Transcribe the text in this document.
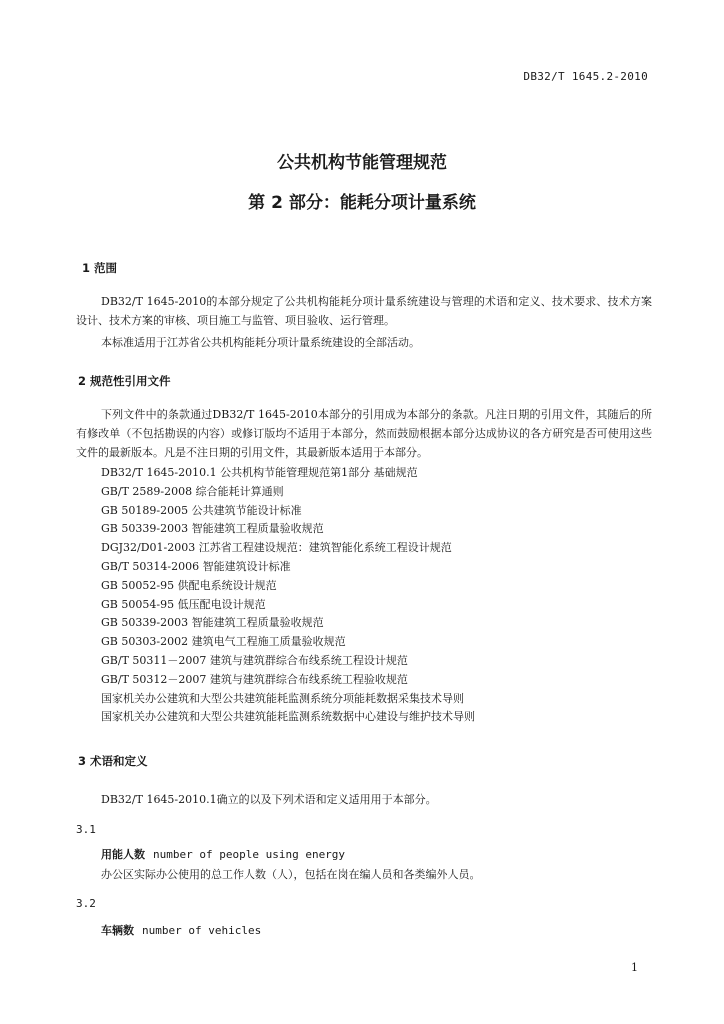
DB32/T 1645.2-2010
公共机构节能管理规范
第 2 部分：能耗分项计量系统
1 范围
DB32/T 1645-2010的本部分规定了公共机构能耗分项计量系统建设与管理的术语和定义、技术要求、技术方案设计、技术方案的审核、项目施工与监管、项目验收、运行管理。
本标准适用于江苏省公共机构能耗分项计量系统建设的全部活动。
2 规范性引用文件
下列文件中的条款通过DB32/T 1645-2010本部分的引用成为本部分的条款。凡注日期的引用文件，其随后的所有修改单（不包括勘误的内容）或修订版均不适用于本部分，然而鼓励根据本部分达成协议的各方研究是否可使用这些文件的最新版本。凡是不注日期的引用文件，其最新版本适用于本部分。
DB32/T 1645-2010.1 公共机构节能管理规范第1部分 基础规范
GB/T 2589-2008 综合能耗计算通则
GB 50189-2005 公共建筑节能设计标准
GB 50339-2003 智能建筑工程质量验收规范
DGJ32/D01-2003 江苏省工程建设规范：建筑智能化系统工程设计规范
GB/T 50314-2006 智能建筑设计标准
GB 50052-95 供配电系统设计规范
GB 50054-95 低压配电设计规范
GB 50339-2003 智能建筑工程质量验收规范
GB 50303-2002 建筑电气工程施工质量验收规范
GB/T 50311－2007 建筑与建筑群综合布线系统工程设计规范
GB/T 50312－2007 建筑与建筑群综合布线系统工程验收规范
国家机关办公建筑和大型公共建筑能耗监测系统分项能耗数据采集技术导则
国家机关办公建筑和大型公共建筑能耗监测系统数据中心建设与维护技术导则
3 术语和定义
DB32/T 1645-2010.1确立的以及下列术语和定义适用用于本部分。
3.1
用能人数 number of people using energy
办公区实际办公使用的总工作人数（人），包括在岗在编人员和各类编外人员。
3.2
车辆数 number of vehicles
1
